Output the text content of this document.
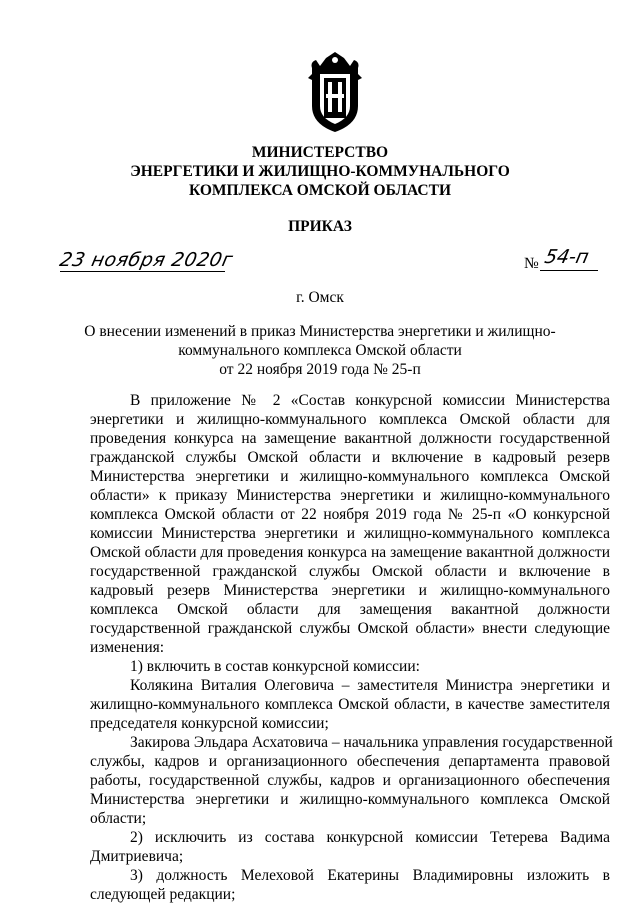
МИНИСТЕРСТВО
ЭНЕРГЕТИКИ И ЖИЛИЩНО-КОММУНАЛЬНОГО
КОМПЛЕКСА ОМСКОЙ ОБЛАСТИ
ПРИКАЗ
23 ноября 2020г	№ 54-п
г. Омск
О внесении изменений в приказ Министерства энергетики и жилищно-
коммунального комплекса Омской области
от 22 ноября 2019 года № 25-п

В приложение № 2 «Состав конкурсной комиссии Министерства
энергетики и жилищно-коммунального комплекса Омской области для
проведения конкурса на замещение вакантной должности государственной
гражданской службы Омской области и включение в кадровый резерв
Министерства энергетики и жилищно-коммунального комплекса Омской
области» к приказу Министерства энергетики и жилищно-коммунального
комплекса Омской области от 22 ноября 2019 года № 25-п «О конкурсной
комиссии Министерства энергетики и жилищно-коммунального комплекса
Омской области для проведения конкурса на замещение вакантной должности
государственной гражданской службы Омской области и включение в
кадровый резерв Министерства энергетики и жилищно-коммунального
комплекса Омской области для замещения вакантной должности
государственной гражданской службы Омской области» внести следующие
изменения:

1) включить в состав конкурсной комиссии:

Колякина Виталия Олеговича – заместителя Министра энергетики и
жилищно-коммунального комплекса Омской области, в качестве заместителя
председателя конкурсной комиссии;

Закирова Эльдара Асхатовича – начальника управления государственной
службы, кадров и организационного обеспечения департамента правовой
работы, государственной службы, кадров и организационного обеспечения
Министерства энергетики и жилищно-коммунального комплекса Омской
области;

2) исключить из состава конкурсной комиссии Тетерева Вадима
Дмитриевича;

3) должность Мелеховой Екатерины Владимировны изложить в
следующей редакции;
